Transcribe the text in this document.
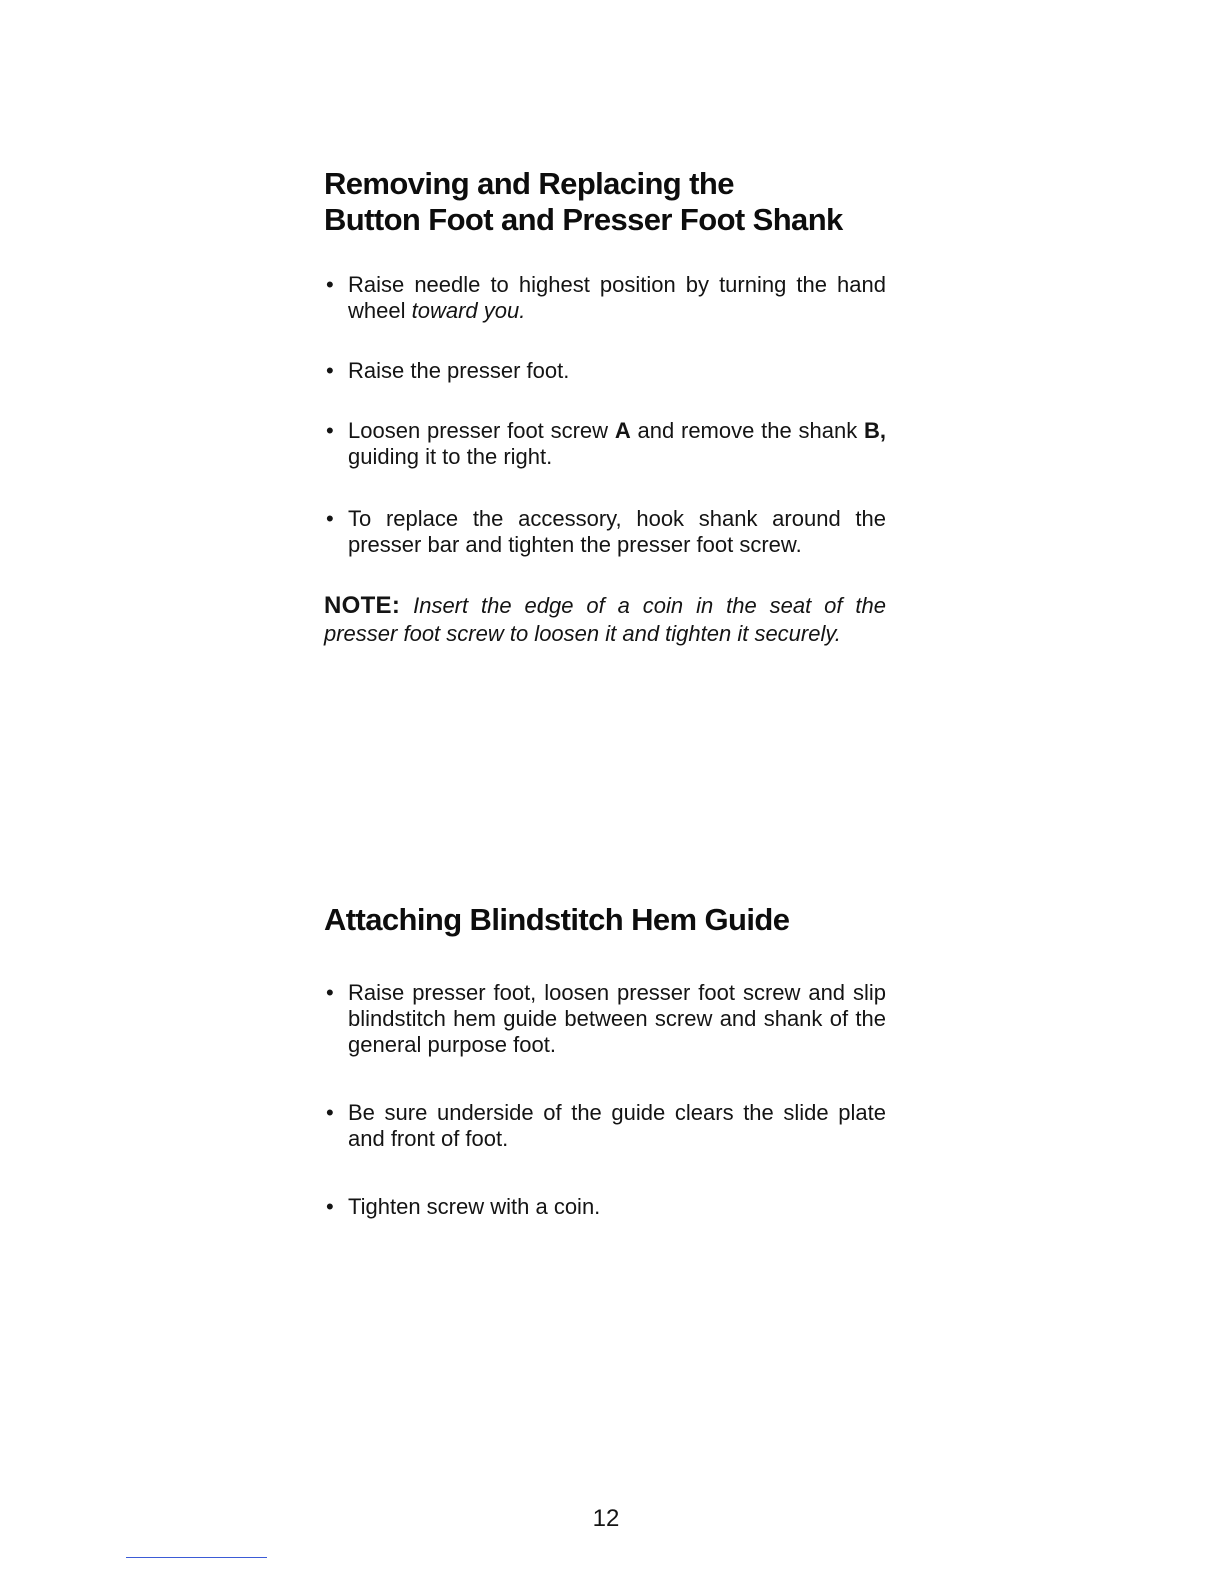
Removing and Replacing the
Button Foot and Presser Foot Shank
• Raise needle to highest position by turning the hand wheel toward you.
• Raise the presser foot.
• Loosen presser foot screw A and remove the shank B, guiding it to the right.
• To replace the accessory, hook shank around the presser bar and tighten the presser foot screw.

NOTE: Insert the edge of a coin in the seat of the presser foot screw to loosen it and tighten it securely.

Attaching Blindstitch Hem Guide
• Raise presser foot, loosen presser foot screw and slip blindstitch hem guide between screw and shank of the general purpose foot.
• Be sure underside of the guide clears the slide plate and front of foot.
• Tighten screw with a coin.
12
